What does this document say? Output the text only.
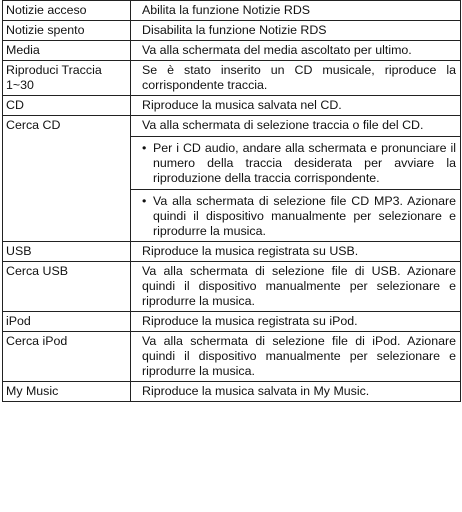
Notizie acceso	Abilita la funzione Notizie RDS
Notizie spento	Disabilita la funzione Notizie RDS
Media	Va alla schermata del media ascoltato per ultimo.
Riproduci Traccia 1~30	Se è stato inserito un CD musicale, riproduce la corrispondente traccia.
CD	Riproduce la musica salvata nel CD.
Cerca CD	Va alla schermata di selezione traccia o file del CD.
• Per i CD audio, andare alla schermata e pronunciare il numero della traccia desiderata per avviare la riproduzione della traccia corrispondente.
• Va alla schermata di selezione file CD MP3. Azionare quindi il dispositivo manualmente per selezionare e riprodurre la musica.

USB	Riproduce la musica registrata su USB.
Cerca USB	Va alla schermata di selezione file di USB. Azionare quindi il dispositivo manualmente per selezionare e riprodurre la musica.
iPod	Riproduce la musica registrata su iPod.
Cerca iPod	Va alla schermata di selezione file di iPod. Azionare quindi il dispositivo manualmente per selezionare e riprodurre la musica.
My Music	Riproduce la musica salvata in My Music.
